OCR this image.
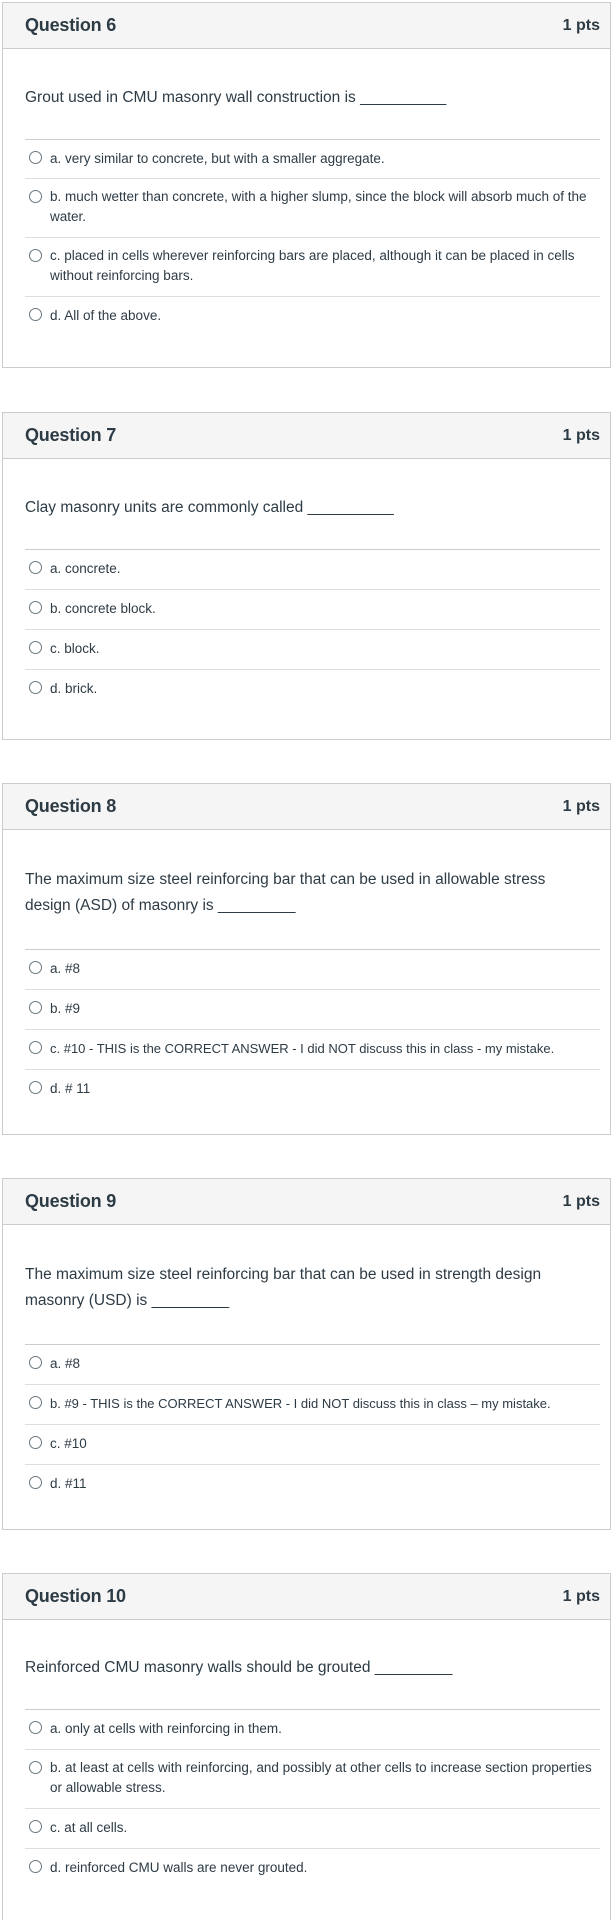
Question 6	1 pts
Grout used in CMU masonry wall construction is __________
a. very similar to concrete, but with a smaller aggregate.
b. much wetter than concrete, with a higher slump, since the block will absorb much of the water.
c. placed in cells wherever reinforcing bars are placed, although it can be placed in cells without reinforcing bars.
d. All of the above.
Question 7	1 pts
Clay masonry units are commonly called __________
a. concrete.
b. concrete block.
c. block.
d. brick.
Question 8	1 pts
The maximum size steel reinforcing bar that can be used in allowable stress design (ASD) of masonry is _________
a. #8
b. #9
c. #10 - THIS is the CORRECT ANSWER - I did NOT discuss this in class - my mistake.
d. # 11
Question 9	1 pts
The maximum size steel reinforcing bar that can be used in strength design masonry (USD) is _________
a. #8
b. #9 - THIS is the CORRECT ANSWER - I did NOT discuss this in class – my mistake.
c. #10
d. #11
Question 10	1 pts
Reinforced CMU masonry walls should be grouted _________
a. only at cells with reinforcing in them.
b. at least at cells with reinforcing, and possibly at other cells to increase section properties or allowable stress.
c. at all cells.
d. reinforced CMU walls are never grouted.
